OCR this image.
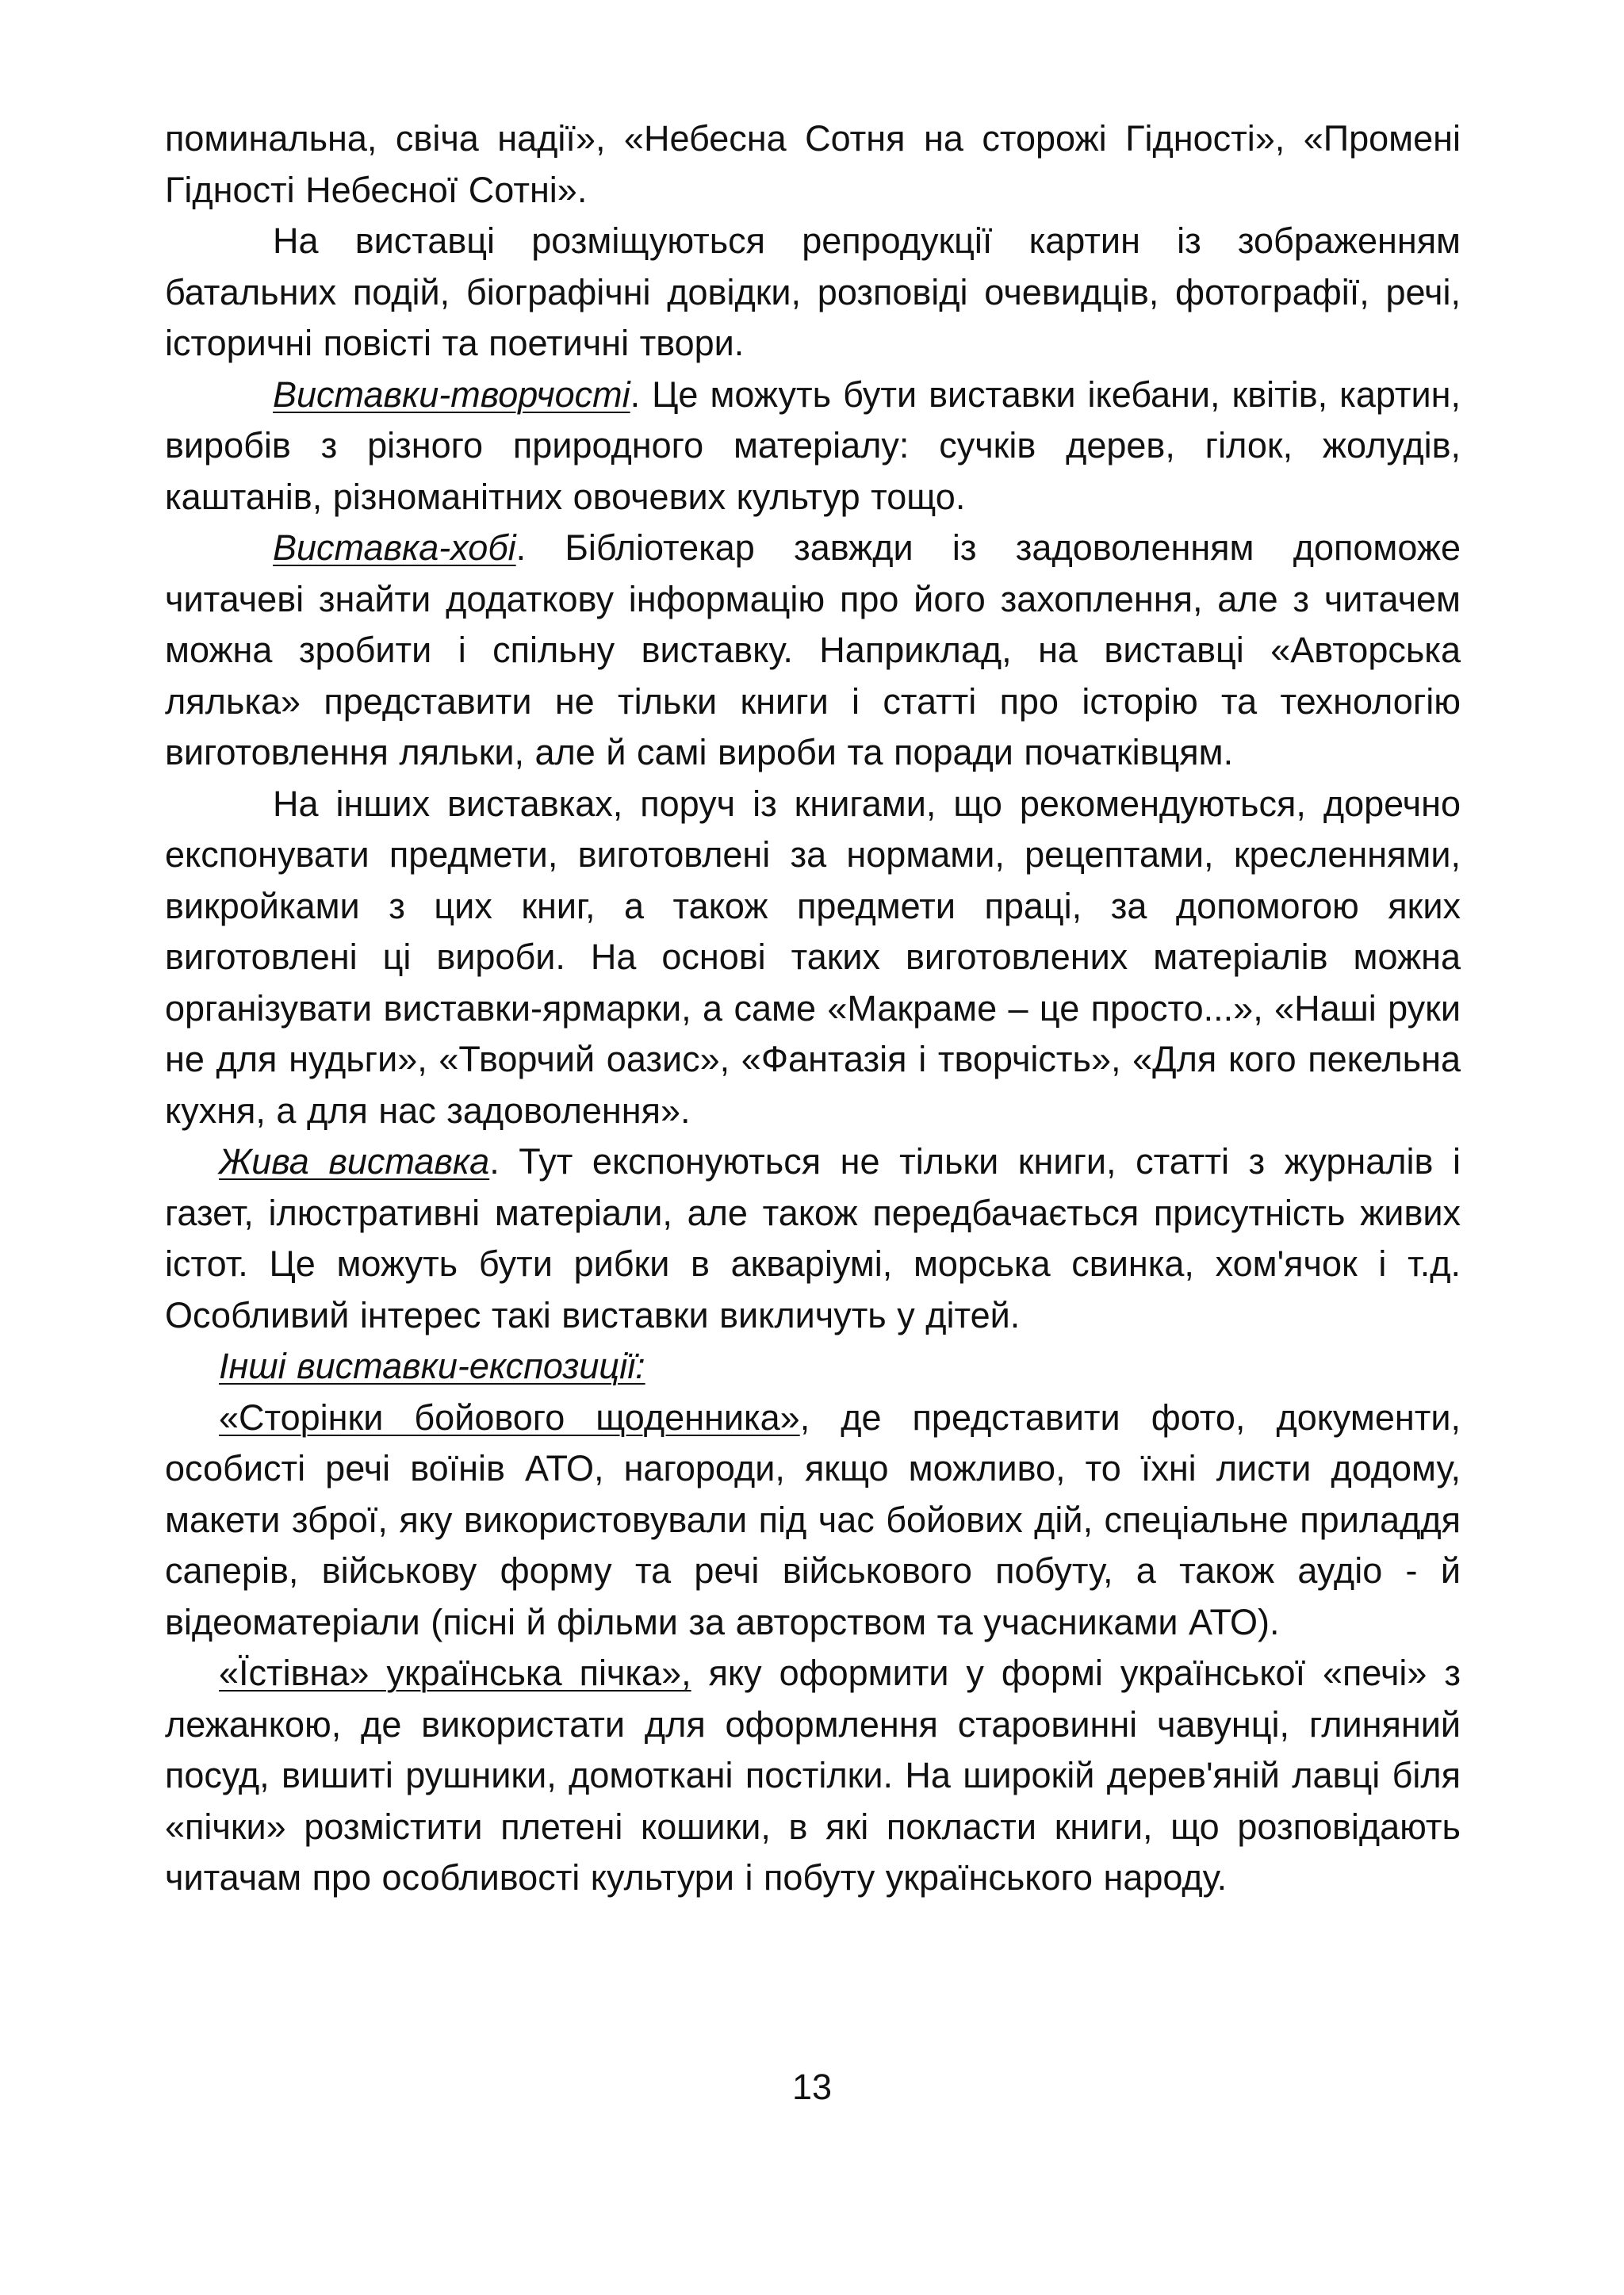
поминальна, свіча надії», «Небесна Сотня на сторожі Гідності», «Промені Гідності Небесної Сотні».

На виставці розміщуються репродукції картин із зображенням батальних подій, біографічні довідки, розповіді очевидців, фотографії, речі, історичні повісті та поетичні твори.

Виставки-творчості. Це можуть бути виставки ікебани, квітів, картин, виробів з різного природного матеріалу: сучків дерев, гілок, жолудів, каштанів, різноманітних овочевих культур тощо.

Виставка-хобі. Бібліотекар завжди із задоволенням допоможе читачеві знайти додаткову інформацію про його захоплення, але з читачем можна зробити і спільну виставку. Наприклад, на виставці «Авторська лялька» представити не тільки книги і статті про історію та технологію виготовлення ляльки, але й самі вироби та поради початківцям.

На інших виставках, поруч із книгами, що рекомендуються, доречно експонувати предмети, виготовлені за нормами, рецептами, кресленнями, викройками з цих книг, а також предмети праці, за допомогою яких виготовлені ці вироби. На основі таких виготовлених матеріалів можна організувати виставки-ярмарки, а саме «Макраме – це просто...», «Наші руки не для нудьги», «Творчий оазис», «Фантазія і творчість», «Для кого пекельна кухня, а для нас задоволення».

Жива виставка. Тут експонуються не тільки книги, статті з журналів і газет, ілюстративні матеріали, але також передбачається присутність живих істот. Це можуть бути рибки в акваріумі, морська свинка, хом'ячок і т.д. Особливий інтерес такі виставки викличуть у дітей.

Інші виставки-експозиції:

«Сторінки бойового щоденника», де представити фото, документи, особисті речі воїнів АТО, нагороди, якщо можливо, то їхні листи додому, макети зброї, яку використовували під час бойових дій, спеціальне приладдя саперів, військову форму та речі військового побуту, а також аудіо - й відеоматеріали (пісні й фільми за авторством та учасниками АТО).

«Їстівна» українська пічка», яку оформити у формі української «печі» з лежанкою, де використати для оформлення старовинні чавунці, глиняний посуд, вишиті рушники, домоткані постілки. На широкій дерев'яній лавці біля «пічки» розмістити плетені кошики, в які покласти книги, що розповідають читачам про особливості культури і побуту українського народу.

13
